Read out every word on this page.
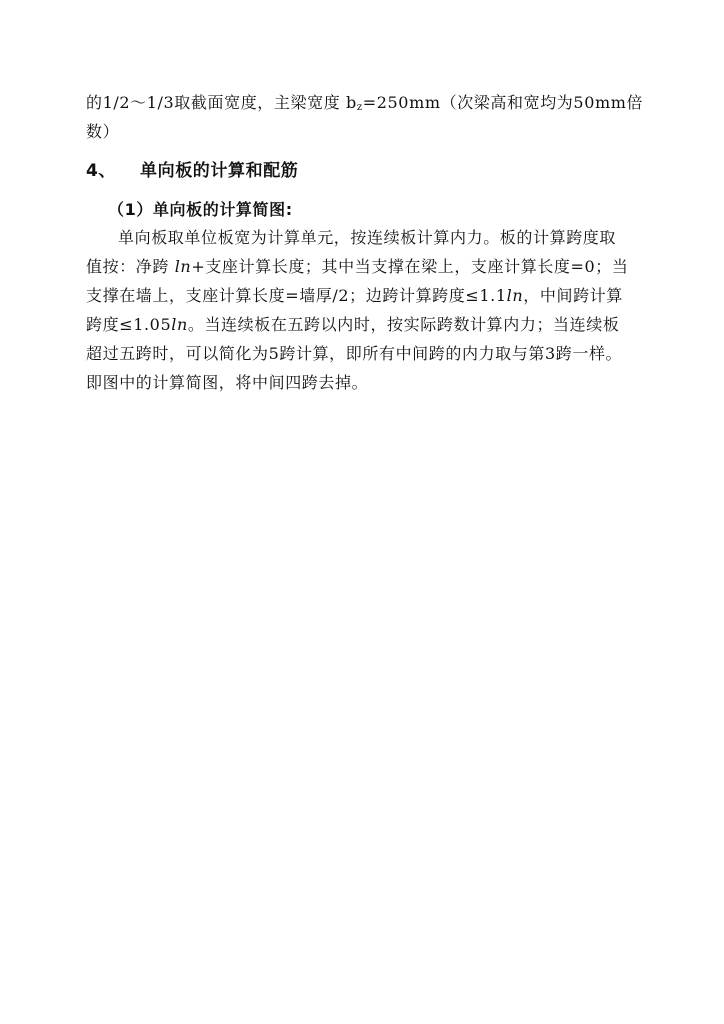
的1/2～1/3取截面宽度，主梁宽度 $b_z=250mm$（次梁高和宽均为50mm倍
数）
4、 单向板的计算和配筋
（1）单向板的计算简图:
单向板取单位板宽为计算单元，按连续板计算内力。板的计算跨度取
值按：净跨 ln+支座计算长度；其中当支撑在梁上，支座计算长度=0；当
支撑在墙上，支座计算长度=墙厚/2；边跨计算跨度≤1.1ln，中间跨计算
跨度≤1.05ln。当连续板在五跨以内时，按实际跨数计算内力；当连续板
超过五跨时，可以简化为5跨计算，即所有中间跨的内力取与第3跨一样。
即图中的计算简图，将中间四跨去掉。
